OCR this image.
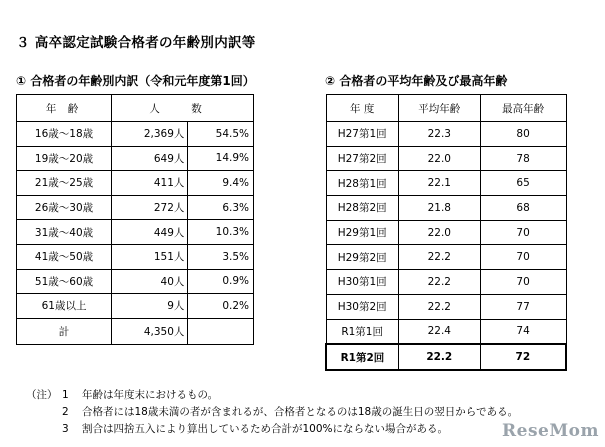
３ 高卒認定試験合格者の年齢別内訳等
① 合格者の年齢別内訳（令和元年度第1回）	② 合格者の平均年齢及び最高年齢
年 齢	人 数	
16歳～18歳	2,369人	54.5%
19歳～20歳	649人	14.9%
21歳～25歳	411人	9.4%
26歳～30歳	272人	6.3%
31歳～40歳	449人	10.3%
41歳～50歳	151人	3.5%
51歳～60歳	40人	0.9%
61歳以上	9人	0.2%
計	4,350人	
年 度	平均年齢	最高年齢
H27第1回	22.3	80
H27第2回	22.0	78
H28第1回	22.1	65
H28第2回	21.8	68
H29第1回	22.0	70
H29第2回	22.2	70
H30第1回	22.2	70
H30第2回	22.2	77
R1第1回	22.4	74
R1第2回	22.2	72
（注） 1	年齢は年度末におけるもの。
2	合格者には18歳未満の者が含まれるが、合格者となるのは18歳の誕生日の翌日からである。
3	割合は四捨五入により算出しているため合計が100%にならない場合がある。	ReseMom
